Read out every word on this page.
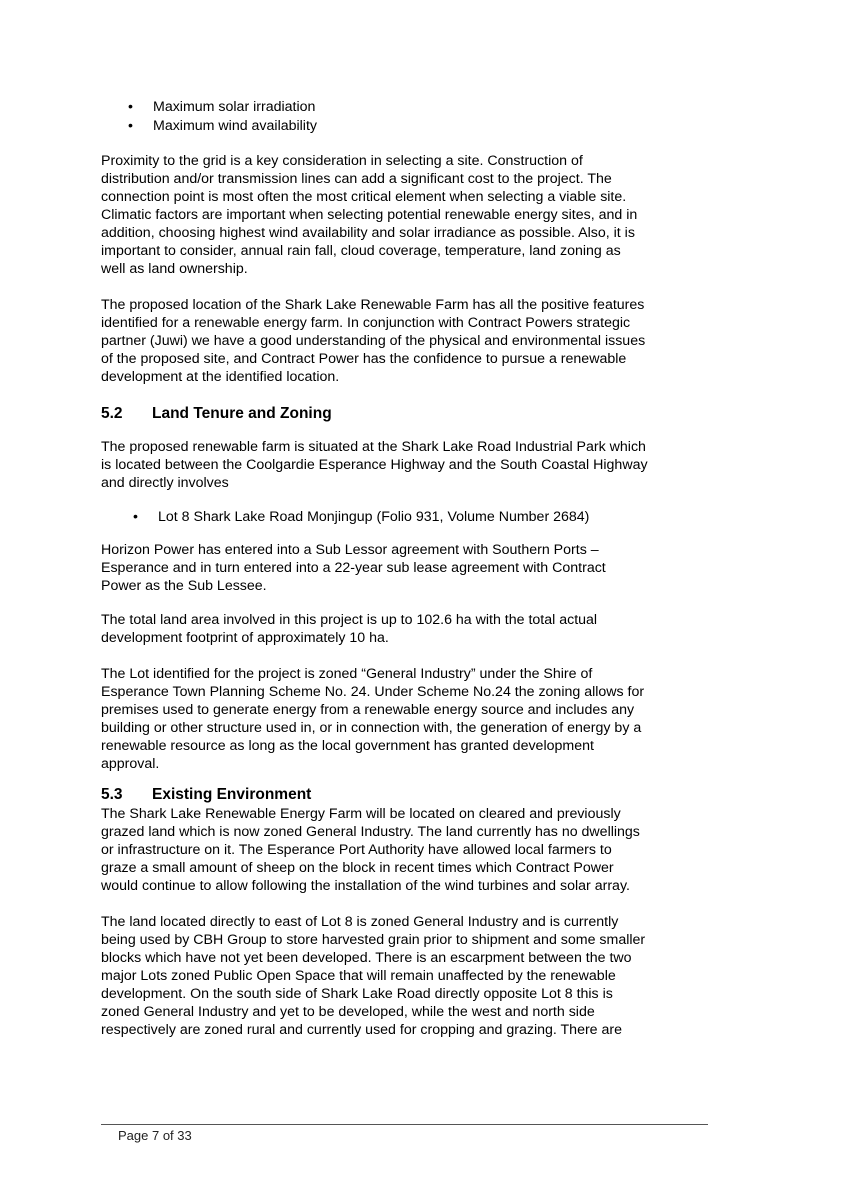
• Maximum solar irradiation
• Maximum wind availability

Proximity to the grid is a key consideration in selecting a site. Construction of
distribution and/or transmission lines can add a significant cost to the project. The
connection point is most often the most critical element when selecting a viable site.
Climatic factors are important when selecting potential renewable energy sites, and in
addition, choosing highest wind availability and solar irradiance as possible. Also, it is
important to consider, annual rain fall, cloud coverage, temperature, land zoning as
well as land ownership.

The proposed location of the Shark Lake Renewable Farm has all the positive features
identified for a renewable energy farm. In conjunction with Contract Powers strategic
partner (Juwi) we have a good understanding of the physical and environmental issues
of the proposed site, and Contract Power has the confidence to pursue a renewable
development at the identified location.

5.2 Land Tenure and Zoning

The proposed renewable farm is situated at the Shark Lake Road Industrial Park which
is located between the Coolgardie Esperance Highway and the South Coastal Highway
and directly involves

• Lot 8 Shark Lake Road Monjingup (Folio 931, Volume Number 2684)

Horizon Power has entered into a Sub Lessor agreement with Southern Ports –
Esperance and in turn entered into a 22-year sub lease agreement with Contract
Power as the Sub Lessee.

The total land area involved in this project is up to 102.6 ha with the total actual
development footprint of approximately 10 ha.

The Lot identified for the project is zoned “General Industry” under the Shire of
Esperance Town Planning Scheme No. 24. Under Scheme No.24 the zoning allows for
premises used to generate energy from a renewable energy source and includes any
building or other structure used in, or in connection with, the generation of energy by a
renewable resource as long as the local government has granted development
approval.

5.3 Existing Environment

The Shark Lake Renewable Energy Farm will be located on cleared and previously
grazed land which is now zoned General Industry. The land currently has no dwellings
or infrastructure on it. The Esperance Port Authority have allowed local farmers to
graze a small amount of sheep on the block in recent times which Contract Power
would continue to allow following the installation of the wind turbines and solar array.

The land located directly to east of Lot 8 is zoned General Industry and is currently
being used by CBH Group to store harvested grain prior to shipment and some smaller
blocks which have not yet been developed. There is an escarpment between the two
major Lots zoned Public Open Space that will remain unaffected by the renewable
development. On the south side of Shark Lake Road directly opposite Lot 8 this is
zoned General Industry and yet to be developed, while the west and north side
respectively are zoned rural and currently used for cropping and grazing. There are

Page 7 of 33
